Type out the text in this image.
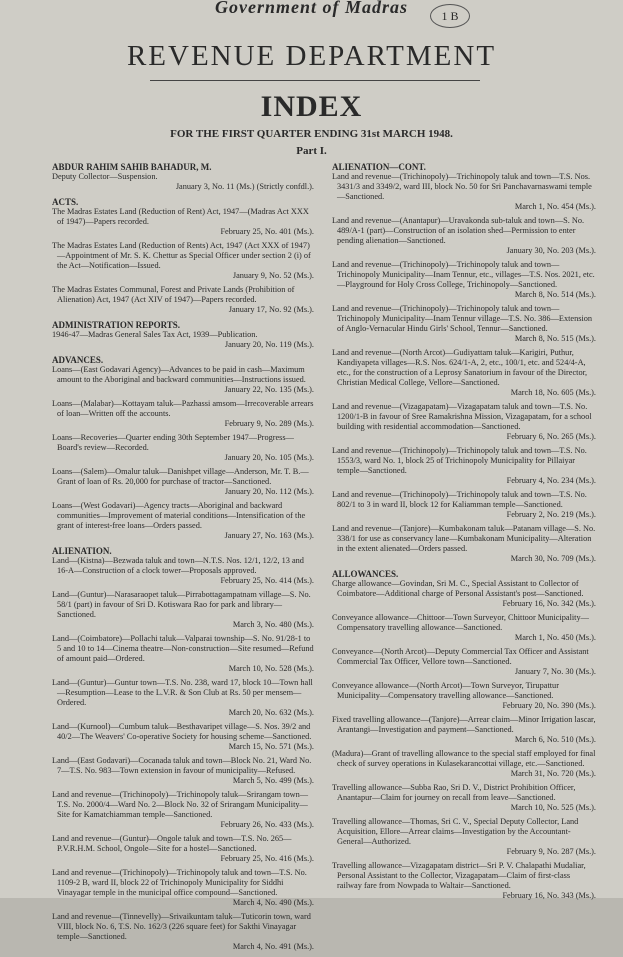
Government of Madras	1 B
REVENUE DEPARTMENT
INDEX
FOR THE FIRST QUARTER ENDING 31st MARCH 1948.
Part I.
ABDUR RAHIM SAHIB BAHADUR, M.
Deputy Collector—Suspension.
January 3, No. 11 (Ms.) (Strictly confdl.).
ACTS.
The Madras Estates Land (Reduction of Rent) Act, 1947—(Madras Act XXX of 1947)—Papers recorded.
February 25, No. 401 (Ms.).
The Madras Estates Land (Reduction of Rents) Act, 1947 (Act XXX of 1947)—Appointment of Mr. S. K. Chettur as Special Officer under section 2 (i) of the Act—Notification—Issued.
January 9, No. 52 (Ms.).
The Madras Estates Communal, Forest and Private Lands (Prohibition of Alienation) Act, 1947 (Act XIV of 1947)—Papers recorded.
January 17, No. 92 (Ms.).
ADMINISTRATION REPORTS.
1946-47—Madras General Sales Tax Act, 1939—Publication.
January 20, No. 119 (Ms.).
ADVANCES.
Loans—(East Godavari Agency)—Advances to be paid in cash—Maximum amount to the Aboriginal and backward communities—Instructions issued.
January 22, No. 135 (Ms.).
Loans—(Malabar)—Kottayam taluk—Pazhassi amsom—Irrecoverable arrears of loan—Written off the accounts.
February 9, No. 289 (Ms.).
Loans—Recoveries—Quarter ending 30th September 1947—Progress—Board's review—Recorded.
January 20, No. 105 (Ms.).
Loans—(Salem)—Omalur taluk—Danishpet village—Anderson, Mr. T. B.—Grant of loan of Rs. 20,000 for purchase of tractor—Sanctioned.
January 20, No. 112 (Ms.).
Loans—(West Godavari)—Agency tracts—Aboriginal and backward communities—Improvement of material conditions—Intensification of the grant of interest-free loans—Orders passed.
January 27, No. 163 (Ms.).
ALIENATION.
Land—(Kistna)—Bezwada taluk and town—N.T.S. Nos. 12/1, 12/2, 13 and 16-A—Construction of a clock tower—Proposals approved.
February 25, No. 414 (Ms.).
Land—(Guntur)—Narasaraopet taluk—Pirrabottagampatnam village—S. No. 58/1 (part) in favour of Sri D. Kotiswara Rao for park and library—Sanctioned.
March 3, No. 480 (Ms.).
Land—(Coimbatore)—Pollachi taluk—Valparai township—S. No. 91/28-1 to 5 and 10 to 14—Cinema theatre—Non-construction—Site resumed—Refund of amount paid—Ordered.
March 10, No. 528 (Ms.).
Land—(Guntur)—Guntur town—T.S. No. 238, ward 17, block 10—Town hall—Resumption—Lease to the L.V.R. & Son Club at Rs. 50 per mensem—Ordered.
March 20, No. 632 (Ms.).
Land—(Kurnool)—Cumbum taluk—Besthavaripet village—S. Nos. 39/2 and 40/2—The Weavers' Co-operative Society for housing scheme—Sanctioned.
March 15, No. 571 (Ms.).
Land—(East Godavari)—Cocanada taluk and town—Block No. 21, Ward No. 7—T.S. No. 983—Town extension in favour of municipality—Refused.
March 5, No. 499 (Ms.).
Land and revenue—(Trichinopoly)—Trichinopoly taluk—Srirangam town—T.S. No. 2000/4—Ward No. 2—Block No. 32 of Srirangam Municipality—Site for Kamatchiamman temple—Sanctioned.
February 26, No. 433 (Ms.).
Land and revenue—(Guntur)—Ongole taluk and town—T.S. No. 265—P.V.R.H.M. School, Ongole—Site for a hostel—Sanctioned.
February 25, No. 416 (Ms.).
Land and revenue—(Trichinopoly)—Trichinopoly taluk and town—T.S. No. 1109-2 B, ward II, block 22 of Trichinopoly Municipality for Siddhi Vinayagar temple in the municipal office compound—Sanctioned.
March 4, No. 490 (Ms.).
Land and revenue—(Tinnevelly)—Srivaikuntam taluk—Tuticorin town, ward VIII, block No. 6, T.S. No. 162/3 (226 square feet) for Sakthi Vinayagar temple—Sanctioned.
March 4, No. 491 (Ms.).
ALIENATION—CONT.
Land and revenue—(Trichinopoly)—Trichinopoly taluk and town—T.S. Nos. 3431/3 and 3349/2, ward III, block No. 50 for Sri Panchavarnaswami temple—Sanctioned.
March 1, No. 454 (Ms.).
Land and revenue—(Anantapur)—Uravakonda sub-taluk and town—S. No. 489/A-1 (part)—Construction of an isolation shed—Permission to enter pending alienation—Sanctioned.
January 30, No. 203 (Ms.).
Land and revenue—(Trichinopoly)—Trichinopoly taluk and town—Trichinopoly Municipality—Inam Tennur, etc., villages—T.S. Nos. 2021, etc.—Playground for Holy Cross College, Trichinopoly—Sanctioned.
March 8, No. 514 (Ms.).
Land and revenue—(Trichinopoly)—Trichinopoly taluk and town—Trichinopoly Municipality—Inam Tennur village—T.S. No. 386—Extension of Anglo-Vernacular Hindu Girls' School, Tennur—Sanctioned.
March 8, No. 515 (Ms.).
Land and revenue—(North Arcot)—Gudiyattam taluk—Karigiri, Puthur, Kandiyapeta villages—R.S. Nos. 624/1-A, 2, etc., 100/1, etc. and 524/4-A, etc., for the construction of a Leprosy Sanatorium in favour of the Director, Christian Medical College, Vellore—Sanctioned.
March 18, No. 605 (Ms.).
Land and revenue—(Vizagapatam)—Vizagapatam taluk and town—T.S. No. 1200/1-B in favour of Sree Ramakrishna Mission, Vizagapatam, for a school building with residential accommodation—Sanctioned.
February 6, No. 265 (Ms.).
Land and revenue—(Trichinopoly)—Trichinopoly taluk and town—T.S. No. 1553/3, ward No. 1, block 25 of Trichinopoly Municipality for Pillaiyar temple—Sanctioned.
February 4, No. 234 (Ms.).
Land and revenue—(Trichinopoly)—Trichinopoly taluk and town—T.S. No. 802/1 to 3 in ward II, block 12 for Kaliamman temple—Sanctioned.
February 2, No. 219 (Ms.).
Land and revenue—(Tanjore)—Kumbakonam taluk—Patanam village—S. No. 338/1 for use as conservancy lane—Kumbakonam Municipality—Alteration in the extent alienated—Orders passed.
March 30, No. 709 (Ms.).
ALLOWANCES.
Charge allowance—Govindan, Sri M. C., Special Assistant to Collector of Coimbatore—Additional charge of Personal Assistant's post—Sanctioned.
February 16, No. 342 (Ms.).
Conveyance allowance—Chittoor—Town Surveyor, Chittoor Municipality—Compensatory travelling allowance—Sanctioned.
March 1, No. 450 (Ms.).
Conveyance—(North Arcot)—Deputy Commercial Tax Officer and Assistant Commercial Tax Officer, Vellore town—Sanctioned.
January 7, No. 30 (Ms.).
Conveyance allowance—(North Arcot)—Town Surveyor, Tirupattur Municipality—Compensatory travelling allowance—Sanctioned.
February 20, No. 390 (Ms.).
Fixed travelling allowance—(Tanjore)—Arrear claim—Minor Irrigation lascar, Arantangi—Investigation and payment—Sanctioned.
March 6, No. 510 (Ms.).
(Madura)—Grant of travelling allowance to the special staff employed for final check of survey operations in Kulasekarancottai village, etc.—Sanctioned.
March 31, No. 720 (Ms.).
Travelling allowance—Subba Rao, Sri D. V., District Prohibition Officer, Anantapur—Claim for journey on recall from leave—Sanctioned.
March 10, No. 525 (Ms.).
Travelling allowance—Thomas, Sri C. V., Special Deputy Collector, Land Acquisition, Ellore—Arrear claims—Investigation by the Accountant-General—Authorized.
February 9, No. 287 (Ms.).
Travelling allowance—Vizagapatam district—Sri P. V. Chalapathi Mudaliar, Personal Assistant to the Collector, Vizagapatam—Claim of first-class railway fare from Nowpada to Waltair—Sanctioned.
February 16, No. 343 (Ms.).
